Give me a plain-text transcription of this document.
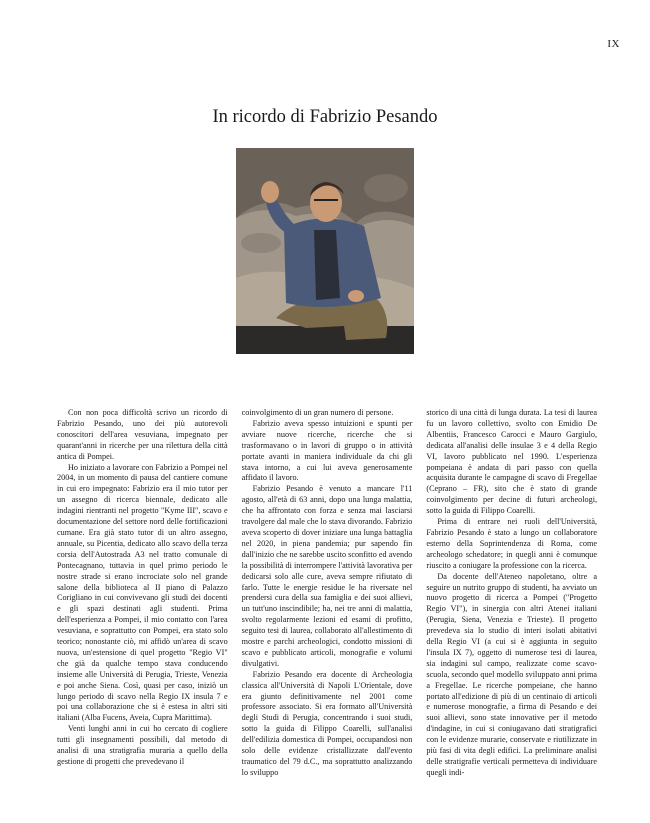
IX
In ricordo di Fabrizio Pesando

Con non poca difficoltà scrivo un ricordo di Fabrizio Pesando, uno dei più autorevoli conoscitori dell'area vesuviana, impegnato per quarant'anni in ricerche per una rilettura della città antica di Pompei.

Ho iniziato a lavorare con Fabrizio a Pompei nel 2004, in un momento di pausa del cantiere comune in cui ero impegnato: Fabrizio era il mio tutor per un assegno di ricerca biennale, dedicato alle indagini rientranti nel progetto "Kyme III", scavo e documentazione del settore nord delle fortificazioni cumane. Era già stato tutor di un altro assegno, annuale, su Picentia, dedicato allo scavo della terza corsia dell'Autostrada A3 nel tratto comunale di Pontecagnano, tuttavia in quel primo periodo le nostre strade si erano incrociate solo nel grande salone della biblioteca al II piano di Palazzo Corigliano in cui convivevano gli studi dei docenti e gli spazi destinati agli studenti. Prima dell'esperienza a Pompei, il mio contatto con l'area vesuviana, e soprattutto con Pompei, era stato solo teorico; nonostante ciò, mi affidò un'area di scavo nuova, un'estensione di quel progetto "Regio VI" che già da qualche tempo stava conducendo insieme alle Università di Perugia, Trieste, Venezia e poi anche Siena. Così, quasi per caso, iniziò un lungo periodo di scavo nella Regio IX insula 7 e poi una collaborazione che si è estesa in altri siti italiani (Alba Fucens, Aveia, Cupra Marittima).

Venti lunghi anni in cui ho cercato di cogliere tutti gli insegnamenti possibili, dal metodo di analisi di una stratigrafia muraria a quello della gestione di progetti che prevedevano il

coinvolgimento di un gran numero di persone.

Fabrizio aveva spesso intuizioni e spunti per avviare nuove ricerche, ricerche che si trasformavano o in lavori di gruppo o in attività portate avanti in maniera individuale da chi gli stava intorno, a cui lui aveva generosamente affidato il lavoro.

Fabrizio Pesando è venuto a mancare l'11 agosto, all'età di 63 anni, dopo una lunga malattia, che ha affrontato con forza e senza mai lasciarsi travolgere dal male che lo stava divorando. Fabrizio aveva scoperto di dover iniziare una lunga battaglia nel 2020, in piena pandemia; pur sapendo fin dall'inizio che ne sarebbe uscito sconfitto ed avendo la possibilità di interrompere l'attività lavorativa per dedicarsi solo alle cure, aveva sempre rifiutato di farlo. Tutte le energie residue le ha riversate nel prendersi cura della sua famiglia e dei suoi allievi, un tutt'uno inscindibile; ha, nei tre anni di malattia, svolto regolarmente lezioni ed esami di profitto, seguito tesi di laurea, collaborato all'allestimento di mostre e parchi archeologici, condotto missioni di scavo e pubblicato articoli, monografie e volumi divulgativi.

Fabrizio Pesando era docente di Archeologia classica all'Università di Napoli L'Orientale, dove era giunto definitivamente nel 2001 come professore associato. Si era formato all'Università degli Studi di Perugia, concentrando i suoi studi, sotto la guida di Filippo Coarelli, sull'analisi dell'edilizia domestica di Pompei, occupandosi non solo delle evidenze cristallizzate dall'evento traumatico del 79 d.C., ma soprattutto analizzando lo sviluppo

storico di una città di lunga durata. La tesi di laurea fu un lavoro collettivo, svolto con Emidio De Albentiis, Francesco Carocci e Mauro Gargiulo, dedicata all'analisi delle insulae 3 e 4 della Regio VI, lavoro pubblicato nel 1990. L'esperienza pompeiana è andata di pari passo con quella acquisita durante le campagne di scavo di Fregellae (Ceprano – FR), sito che è stato di grande coinvolgimento per decine di futuri archeologi, sotto la guida di Filippo Coarelli.

Prima di entrare nei ruoli dell'Università, Fabrizio Pesando è stato a lungo un collaboratore esterno della Soprintendenza di Roma, come archeologo schedatore; in quegli anni è comunque riuscito a coniugare la professione con la ricerca.

Da docente dell'Ateneo napoletano, oltre a seguire un nutrito gruppo di studenti, ha avviato un nuovo progetto di ricerca a Pompei ("Progetto Regio VI"), in sinergia con altri Atenei italiani (Perugia, Siena, Venezia e Trieste). Il progetto prevedeva sia lo studio di interi isolati abitativi della Regio VI (a cui si è aggiunta in seguito l'insula IX 7), oggetto di numerose tesi di laurea, sia indagini sul campo, realizzate come scavo-scuola, secondo quel modello sviluppato anni prima a Fregellae. Le ricerche pompeiane, che hanno portato all'edizione di più di un centinaio di articoli e numerose monografie, a firma di Pesando e dei suoi allievi, sono state innovative per il metodo d'indagine, in cui si coniugavano dati stratigrafici con le evidenze murarie, conservate e riutilizzate in più fasi di vita degli edifici. La preliminare analisi delle stratigrafie verticali permetteva di individuare quegli indi-
